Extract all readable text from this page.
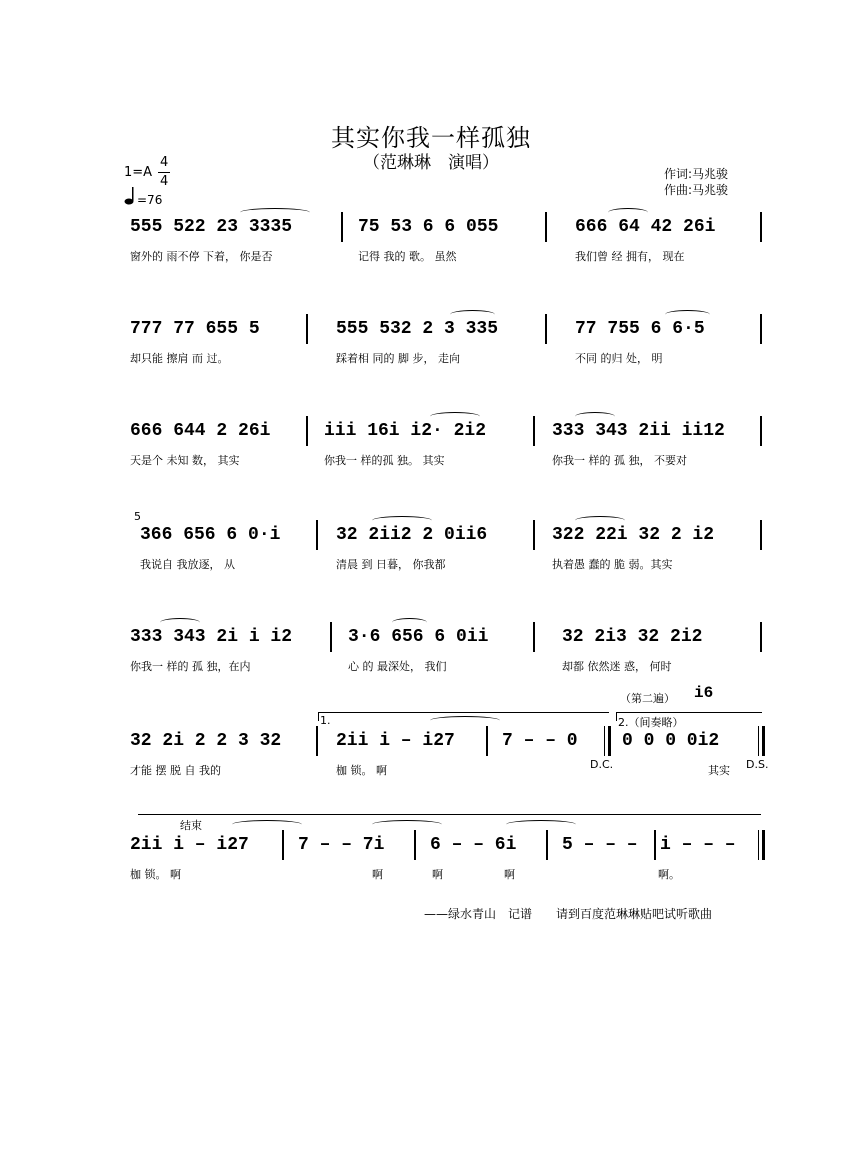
其实你我一样孤独
（范琳琳　演唱）
1=A
4
4
=76
作词:马兆骏
作曲:马兆骏
555 522 23 3335	75 53 6 6 055	666 64 42 26i
窗外的 雨不停 下着， 你是否	记得 我的 歌。 虽然	我们曾 经 拥有， 现在
777 77 655 5	555 532 2 3 335	77 755 6 6·5
却只能 擦肩 而 过。	踩着相 同的 脚 步， 走向	不同 的归 处， 明
666 644 2 26i	iii 16i i2· 2i2	333 343 2ii ii12
天是个 未知 数， 其实	你我一 样的孤 独。 其实	你我一 样的 孤 独， 不要对
5
366 656 6 0·i	32 2ii2 2 0ii6	322 22i 32 2 i2
我说自 我放逐， 从	清晨 到 日暮， 你我都	执着愚 蠢的 脆 弱。其实
333 343 2i i i2	3·6 656 6 0ii	32 2i3 32 2i2
你我一 样的 孤 独，在内	心 的 最深处， 我们	却都 依然迷 惑， 何时
1.	2.（间奏略）
（第二遍） i6
32 2i 2 2 3 32	2ii i – i27	7 – – 0 0 0 0 0i2
才能 摆 脱 自 我的	枷 锁。 啊	其实
D.C.	D.S.
结束
2ii i – i27	7 – – 7i	6 – – 6i	5 – – – i – – –
枷 锁。 啊	啊	啊	啊	啊。
——绿水青山　记谱 请到百度范琳琳贴吧试听歌曲
